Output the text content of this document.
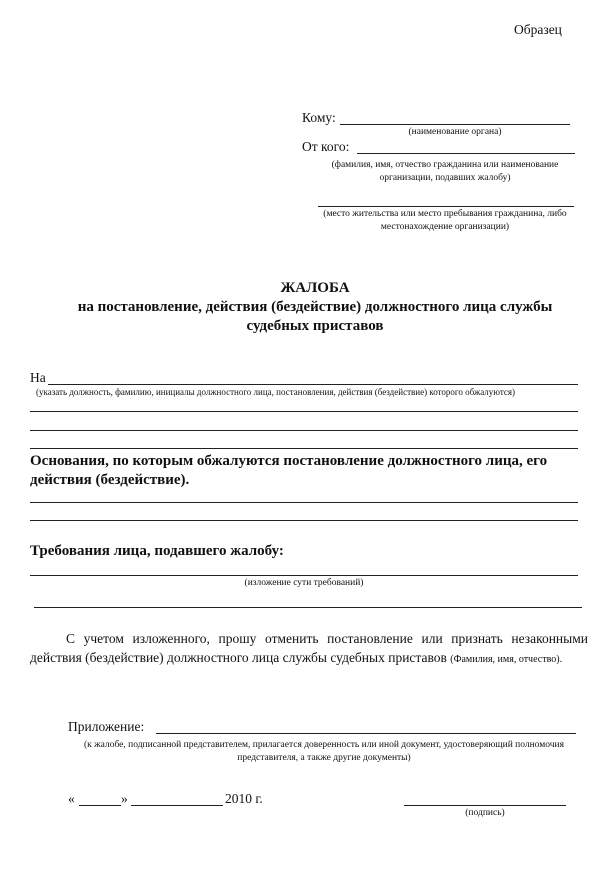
Образец
Кому:
(наименование органа)
От кого:
(фамилия, имя, отчество гражданина или наименование организации, подавших жалобу)
(место жительства или место пребывания гражданина, либо местонахождение организации)
ЖАЛОБА
на постановление, действия (бездействие) должностного лица службы
судебных приставов
На
(указать должность, фамилию, инициалы должностного лица, постановления, действия (бездействие) которого обжалуются)
Основания, по которым обжалуются постановление должностного лица, его действия (бездействие).
Требования лица, подавшего жалобу:
(изложение сути требований)
С учетом изложенного, прошу отменить постановление или признать незаконными действия (бездействие) должностного лица службы судебных приставов (Фамилия, имя, отчество).
Приложение:
(к жалобе, подписанной представителем, прилагается доверенность или иной документ, удостоверяющий полномочия представителя, а также другие документы)
«	»	2010 г.
(подпись)
